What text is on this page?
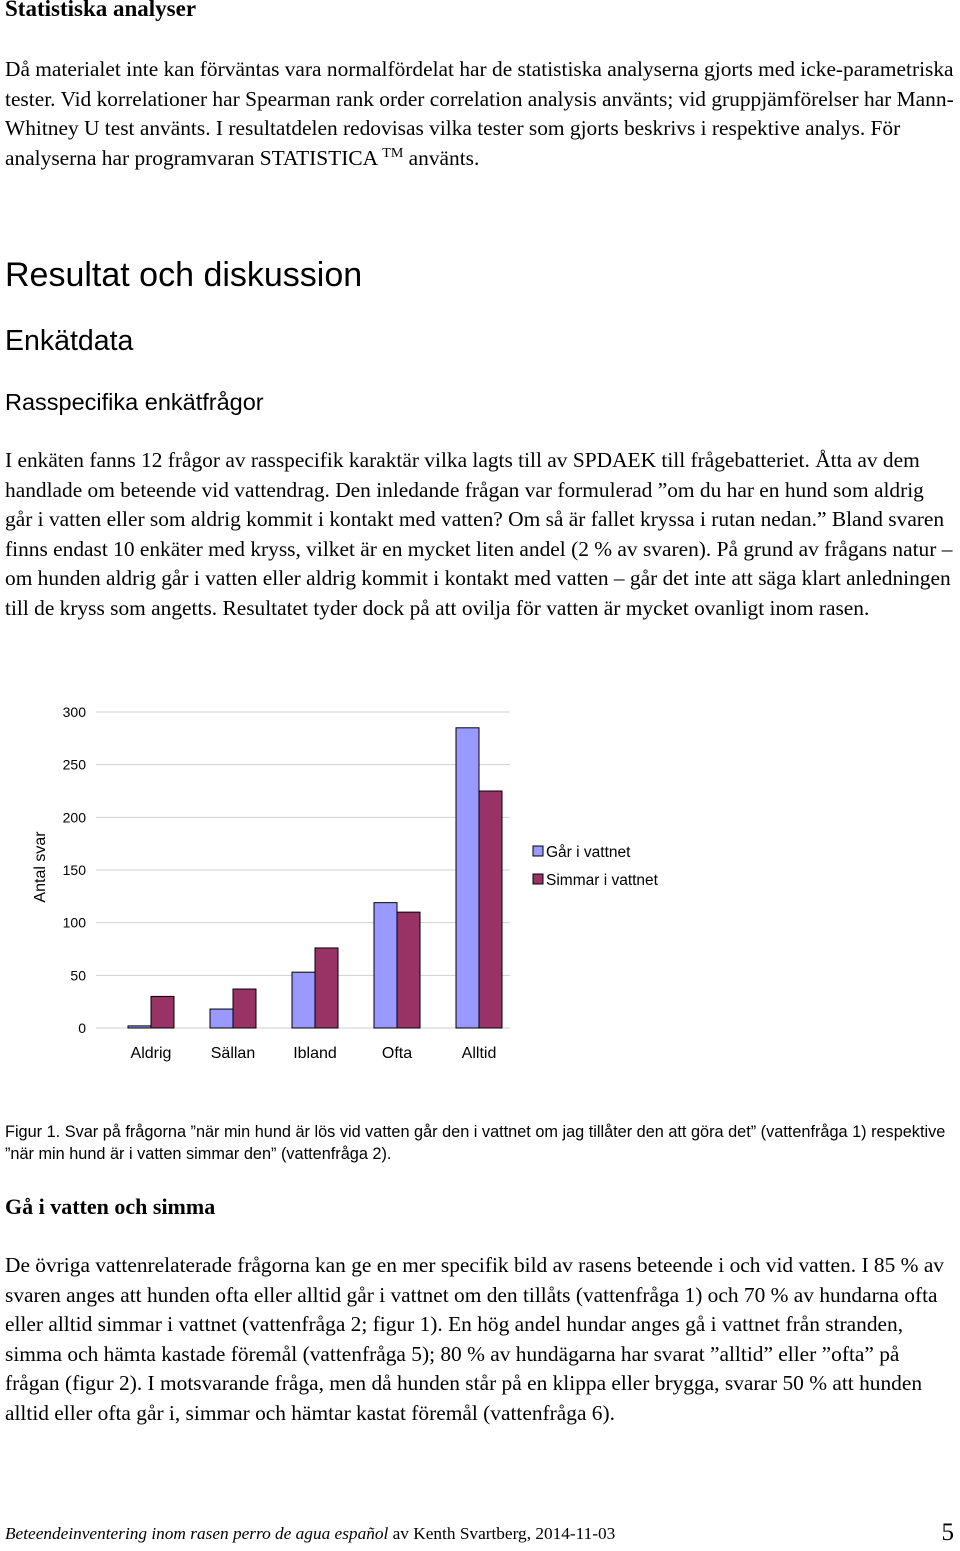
Statistiska analyser
Då materialet inte kan förväntas vara normalfördelat har de statistiska analyserna gjorts med icke-parametriska tester. Vid korrelationer har Spearman rank order correlation analysis använts; vid gruppjämförelser har Mann-Whitney U test använts. I resultatdelen redovisas vilka tester som gjorts beskrivs i respektive analys. För analyserna har programvaran STATISTICA ™ använts.
Resultat och diskussion
Enkätdata
Rasspecifika enkätfrågor
I enkäten fanns 12 frågor av rasspecifik karaktär vilka lagts till av SPDAEK till frågebatteriet. Åtta av dem handlade om beteende vid vattendrag. Den inledande frågan var formulerad ”om du har en hund som aldrig går i vatten eller som aldrig kommit i kontakt med vatten? Om så är fallet kryssa i rutan nedan.” Bland svaren finns endast 10 enkäter med kryss, vilket är en mycket liten andel (2 % av svaren). På grund av frågans natur – om hunden aldrig går i vatten eller aldrig kommit i kontakt med vatten – går det inte att säga klart anledningen till de kryss som angetts. Resultatet tyder dock på att ovilja för vatten är mycket ovanligt inom rasen.
0
50
100
150
200
250
300
Aldrig Sällan Ibland	Ofta	Alltid
Antal svar	Går i vattnet
Simmar i vattnet
Figur 1. Svar på frågorna ”när min hund är lös vid vatten går den i vattnet om jag tillåter den att göra det” (vattenfråga 1) respektive ”när min hund är i vatten simmar den” (vattenfråga 2).
Gå i vatten och simma
De övriga vattenrelaterade frågorna kan ge en mer specifik bild av rasens beteende i och vid vatten. I 85 % av svaren anges att hunden ofta eller alltid går i vattnet om den tillåts (vattenfråga 1) och 70 % av hundarna ofta eller alltid simmar i vattnet (vattenfråga 2; figur 1). En hög andel hundar anges gå i vattnet från stranden, simma och hämta kastade föremål (vattenfråga 5); 80 % av hundägarna har svarat ”alltid” eller ”ofta” på frågan (figur 2). I motsvarande fråga, men då hunden står på en klippa eller brygga, svarar 50 % att hunden alltid eller ofta går i, simmar och hämtar kastat föremål (vattenfråga 6).
Beteendeinventering inom rasen perro de agua español av Kenth Svartberg, 2014-11-03	5
